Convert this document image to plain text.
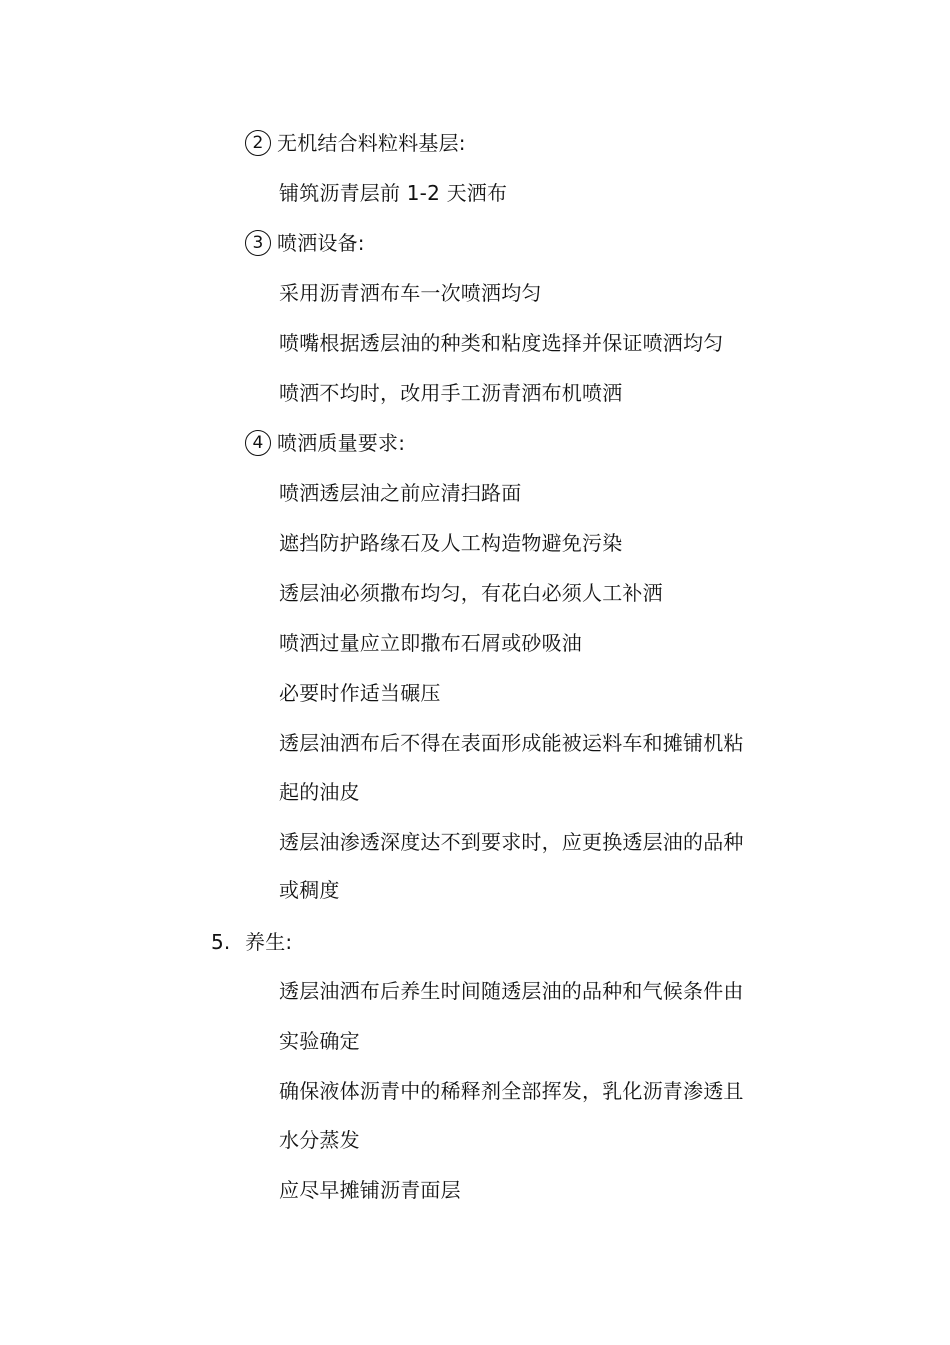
2 无机结合料粒料基层:
铺筑沥青层前 1-2 天洒布
3 喷洒设备:
采用沥青洒布车一次喷洒均匀
喷嘴根据透层油的种类和粘度选择并保证喷洒均匀
喷洒不均时，改用手工沥青洒布机喷洒
4 喷洒质量要求:
喷洒透层油之前应清扫路面
遮挡防护路缘石及人工构造物避免污染
透层油必须撒布均匀，有花白必须人工补洒
喷洒过量应立即撒布石屑或砂吸油
必要时作适当碾压
透层油洒布后不得在表面形成能被运料车和摊铺机粘
起的油皮
透层油渗透深度达不到要求时，应更换透层油的品种
或稠度
5. 养生:
透层油洒布后养生时间随透层油的品种和气候条件由
实验确定
确保液体沥青中的稀释剂全部挥发，乳化沥青渗透且
水分蒸发
应尽早摊铺沥青面层
